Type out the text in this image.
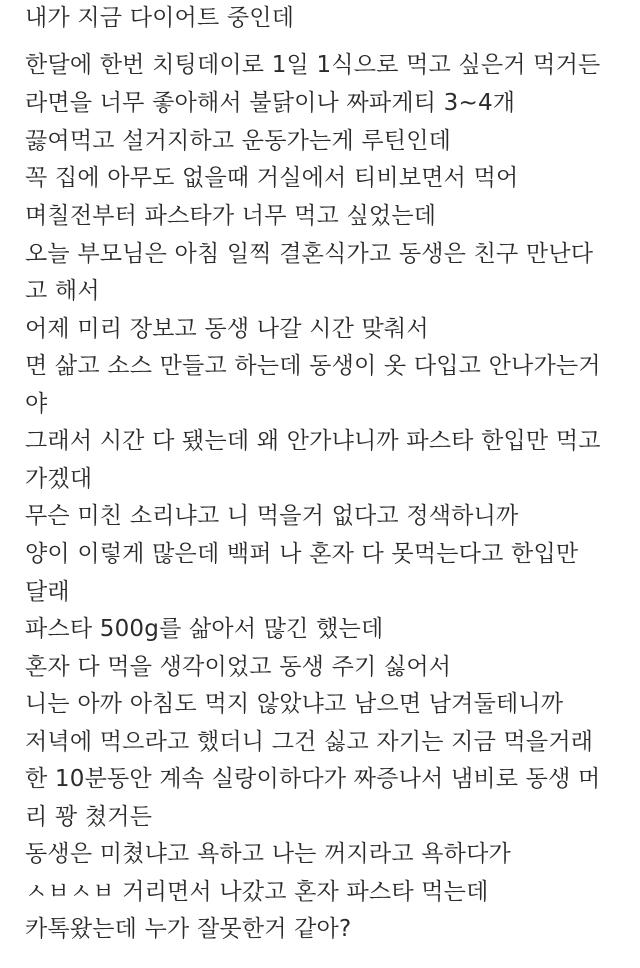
내가 지금 다이어트 중인데
한달에 한번 치팅데이로 1일 1식으로 먹고 싶은거 먹거든
라면을 너무 좋아해서 불닭이나 짜파게티 3~4개
끓여먹고 설거지하고 운동가는게 루틴인데
꼭 집에 아무도 없을때 거실에서 티비보면서 먹어
며칠전부터 파스타가 너무 먹고 싶었는데
오늘 부모님은 아침 일찍 결혼식가고 동생은 친구 만난다
고 해서
어제 미리 장보고 동생 나갈 시간 맞춰서
면 삶고 소스 만들고 하는데 동생이 옷 다입고 안나가는거
야
그래서 시간 다 됐는데 왜 안가냐니까 파스타 한입만 먹고
가겠대
무슨 미친 소리냐고 니 먹을거 없다고 정색하니까
양이 이렇게 많은데 백퍼 나 혼자 다 못먹는다고 한입만
달래
파스타 500g를 삶아서 많긴 했는데
혼자 다 먹을 생각이었고 동생 주기 싫어서
니는 아까 아침도 먹지 않았냐고 남으면 남겨둘테니까
저녁에 먹으라고 했더니 그건 싫고 자기는 지금 먹을거래
한 10분동안 계속 실랑이하다가 짜증나서 냄비로 동생 머
리 꽝 쳤거든
동생은 미쳤냐고 욕하고 나는 꺼지라고 욕하다가
ㅅㅂㅅㅂ 거리면서 나갔고 혼자 파스타 먹는데
카톡왔는데 누가 잘못한거 같아?
